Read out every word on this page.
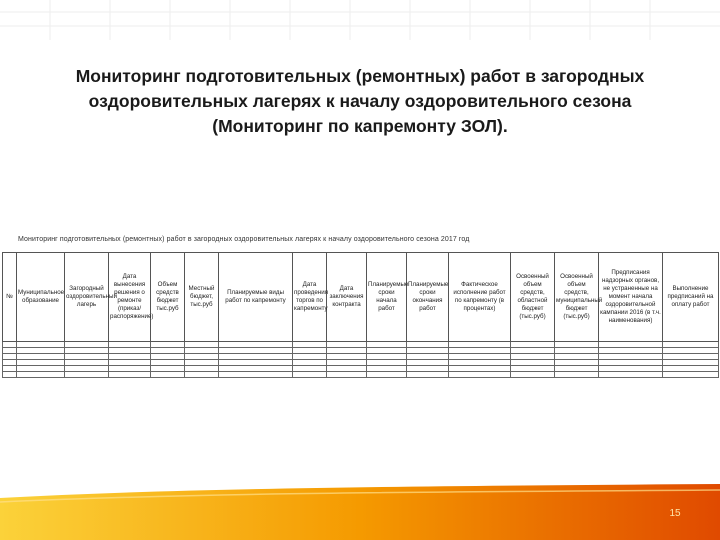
Мониторинг подготовительных (ремонтных) работ в загородных
оздоровительных лагерях к началу оздоровительного сезона
(Мониторинг по капремонту ЗОЛ).
Мониторинг подготовительных (ремонтных) работ в загородных оздоровительных лагерях к началу оздоровительного сезона 2017 год
№	Муниципальное образование	Загородный оздоровительный лагерь	Дата вынесения решения о ремонте (приказ/распоряжение)	Объем средств бюджет тыс.руб	Местный бюджет, тыс.руб	Планируемые виды работ по капремонту	Дата проведения торгов по капремонту	Дата заключения контракта	Планируемые сроки начала работ	Планируемые сроки окончания работ	Фактическое исполнение работ по капремонту (в процентах)	Освоенный объем средств, областной бюджет (тыс.руб)	Освоенный объем средств, муниципальный бюджет (тыс.руб)	Предписания надзорных органов, не устраненные на момент начала оздоровительной кампании 2016 (в т.ч. наименования)	Выполнение предписаний на оплату работ

15
